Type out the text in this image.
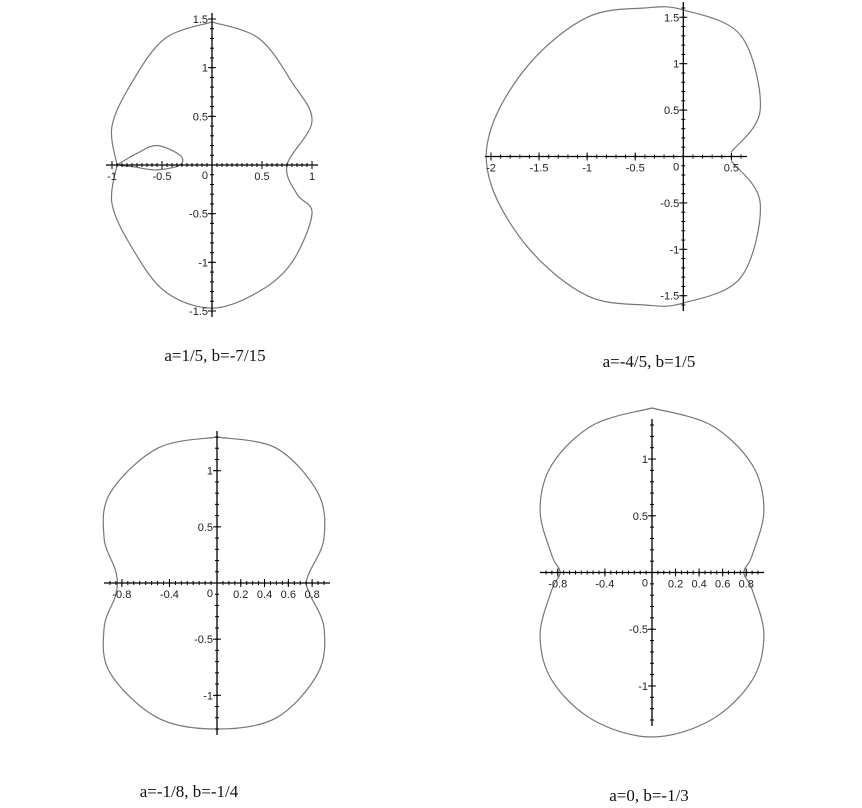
-1	-0.5	0.5	1
-1.5
-1
-0.5
0.5
1
1.5
0
-2	-1.5	-1	-0.5	0.5
-1.5
-1
-0.5
0.5
1
1.5
0
-0.8	-0.4	0.2 0.4 0.6 0.8
-1
-0.5
0.5
1
0
-0.8	-0.4	0.2 0.4 0.6 0.8
-1
-0.5
0.5
1
0
a=1/5, b=-7/15	a=-4/5, b=1/5
a=-1/8, b=-1/4	a=0, b=-1/3
